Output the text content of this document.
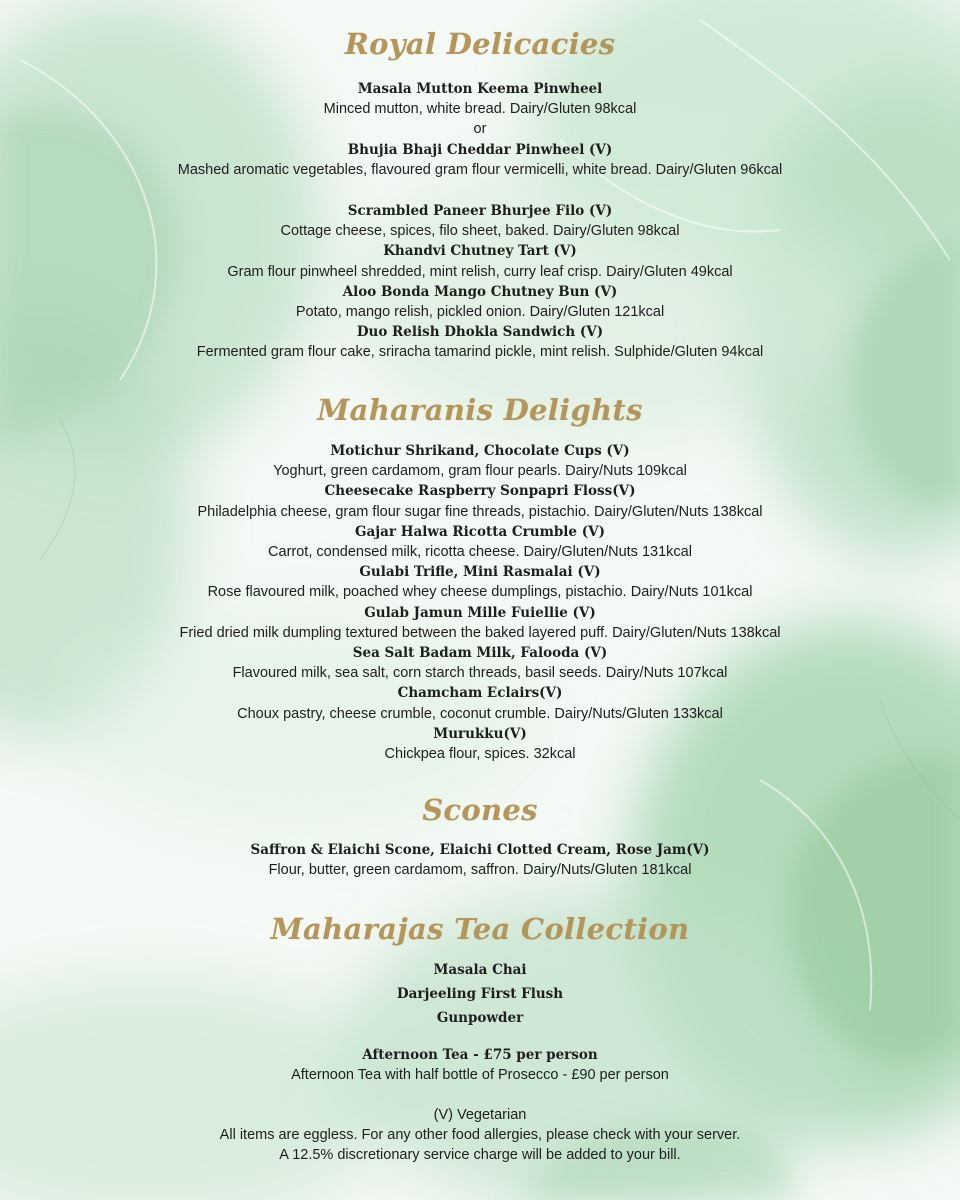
Royal Delicacies
Masala Mutton Keema Pinwheel
Minced mutton, white bread. Dairy/Gluten 98kcal
or
Bhujia Bhaji Cheddar Pinwheel (V)
Mashed aromatic vegetables, flavoured gram flour vermicelli, white bread. Dairy/Gluten 96kcal
Scrambled Paneer Bhurjee Filo (V)
Cottage cheese, spices, filo sheet, baked. Dairy/Gluten 98kcal
Khandvi Chutney Tart (V)
Gram flour pinwheel shredded, mint relish, curry leaf crisp. Dairy/Gluten 49kcal
Aloo Bonda Mango Chutney Bun (V)
Potato, mango relish, pickled onion. Dairy/Gluten 121kcal
Duo Relish Dhokla Sandwich (V)
Fermented gram flour cake, sriracha tamarind pickle, mint relish. Sulphide/Gluten 94kcal
Maharanis Delights
Motichur Shrikand, Chocolate Cups (V)
Yoghurt, green cardamom, gram flour pearls. Dairy/Nuts 109kcal
Cheesecake Raspberry Sonpapri Floss(V)
Philadelphia cheese, gram flour sugar fine threads, pistachio. Dairy/Gluten/Nuts 138kcal
Gajar Halwa Ricotta Crumble (V)
Carrot, condensed milk, ricotta cheese. Dairy/Gluten/Nuts 131kcal
Gulabi Trifle, Mini Rasmalai (V)
Rose flavoured milk, poached whey cheese dumplings, pistachio. Dairy/Nuts 101kcal
Gulab Jamun Mille Fuiellie (V)
Fried dried milk dumpling textured between the baked layered puff. Dairy/Gluten/Nuts 138kcal
Sea Salt Badam Milk, Falooda (V)
Flavoured milk, sea salt, corn starch threads, basil seeds. Dairy/Nuts 107kcal
Chamcham Eclairs(V)
Choux pastry, cheese crumble, coconut crumble. Dairy/Nuts/Gluten 133kcal
Murukku(V)
Chickpea flour, spices. 32kcal
Scones
Saffron & Elaichi Scone, Elaichi Clotted Cream, Rose Jam(V)
Flour, butter, green cardamom, saffron. Dairy/Nuts/Gluten 181kcal
Maharajas Tea Collection
Masala Chai
Darjeeling First Flush
Gunpowder
Afternoon Tea - £75 per person
Afternoon Tea with half bottle of Prosecco - £90 per person
(V) Vegetarian
All items are eggless. For any other food allergies, please check with your server.
A 12.5% discretionary service charge will be added to your bill.
